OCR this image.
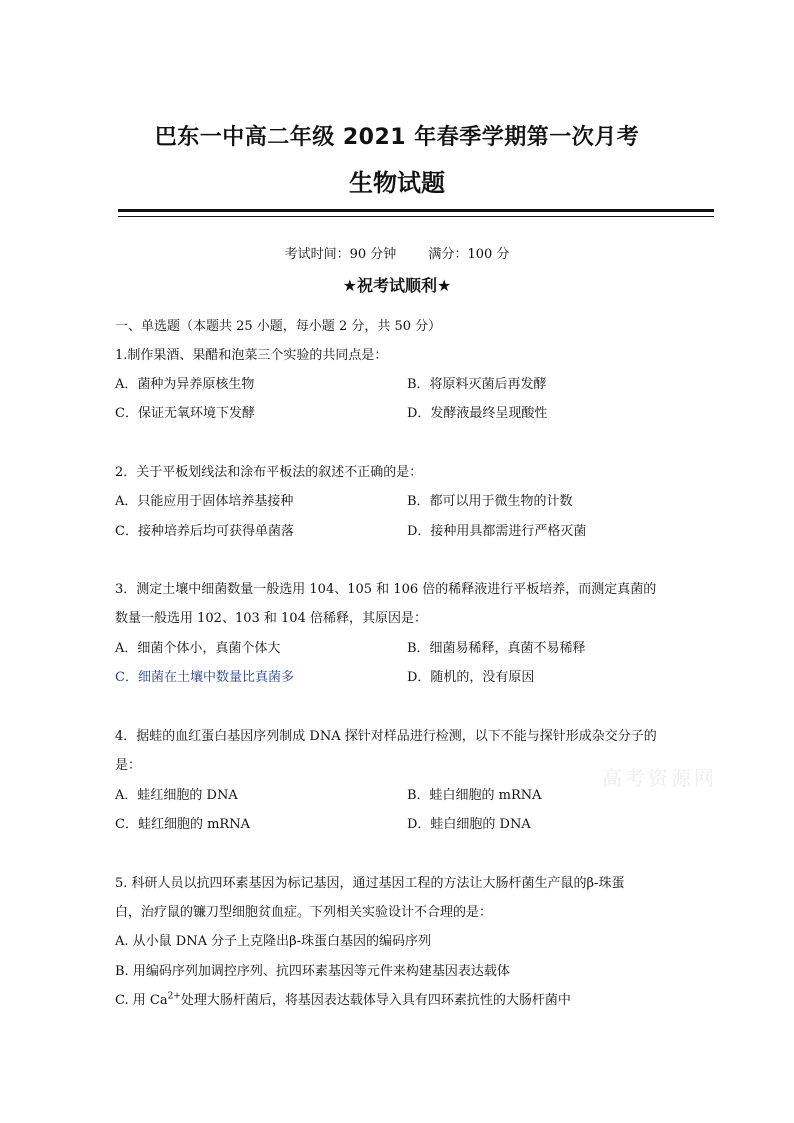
巴东一中高二年级 2021 年春季学期第一次月考
生物试题
考试时间：90 分钟 满分：100 分
★祝考试顺利★
一、单选题（本题共 25 小题，每小题 2 分，共 50 分）
1.制作果酒、果醋和泡菜三个实验的共同点是：
A．菌种为异养原核生物	B．将原料灭菌后再发酵
C．保证无氧环境下发酵	D．发酵液最终呈现酸性
2．关于平板划线法和涂布平板法的叙述不正确的是：
A．只能应用于固体培养基接种	B．都可以用于微生物的计数
C．接种培养后均可获得单菌落	D．接种用具都需进行严格灭菌
3．测定土壤中细菌数量一般选用 104、105 和 106 倍的稀释液进行平板培养，而测定真菌的
数量一般选用 102、103 和 104 倍稀释，其原因是：
A．细菌个体小，真菌个体大	B．细菌易稀释，真菌不易稀释
C．细菌在土壤中数量比真菌多	D．随机的，没有原因
4．据蛙的血红蛋白基因序列制成 DNA 探针对样品进行检测，以下不能与探针形成杂交分子的
是：
A．蛙红细胞的 DNA	B．蛙白细胞的 mRNA
C．蛙红细胞的 mRNA	D．蛙白细胞的 DNA
5. 科研人员以抗四环素基因为标记基因，通过基因工程的方法让大肠杆菌生产鼠的β-珠蛋
白，治疗鼠的镰刀型细胞贫血症。下列相关实验设计不合理的是：
A. 从小鼠 DNA 分子上克隆出β-珠蛋白基因的编码序列
B. 用编码序列加调控序列、抗四环素基因等元件来构建基因表达载体
C. 用 $Ca^{2+}$处理大肠杆菌后，将基因表达载体导入具有四环素抗性的大肠杆菌中
高考资源网
